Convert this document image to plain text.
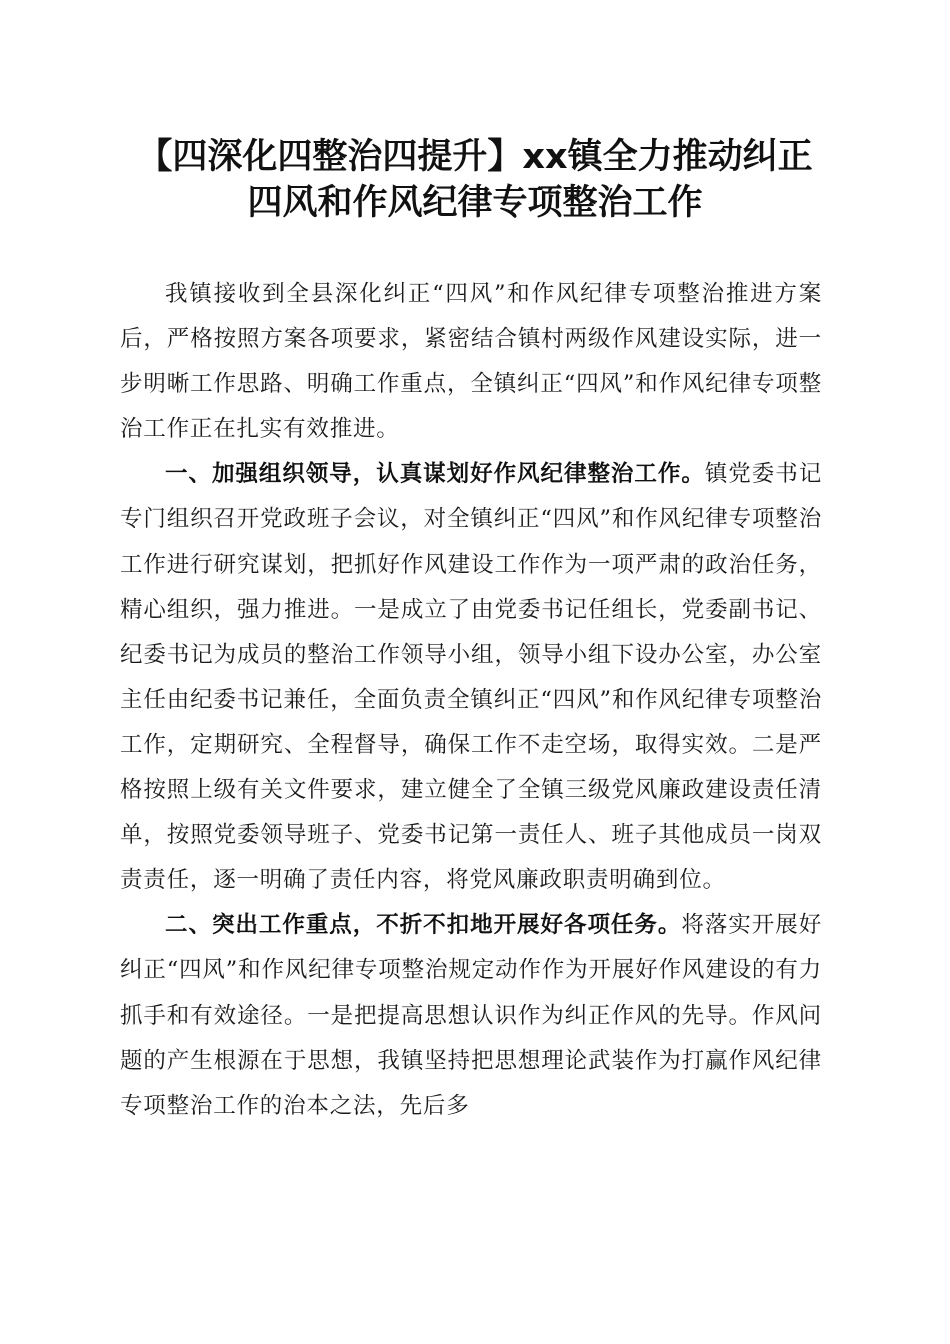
【四深化四整治四提升】xx镇全力推动纠正
四风和作风纪律专项整治工作

我镇接收到全县深化纠正“四风”和作风纪律专项整治推进方案后，严格按照方案各项要求，紧密结合镇村两级作风建设实际，进一步明晰工作思路、明确工作重点，全镇纠正“四风”和作风纪律专项整治工作正在扎实有效推进。

一、加强组织领导，认真谋划好作风纪律整治工作。镇党委书记专门组织召开党政班子会议，对全镇纠正“四风”和作风纪律专项整治工作进行研究谋划，把抓好作风建设工作作为一项严肃的政治任务，精心组织，强力推进。一是成立了由党委书记任组长，党委副书记、纪委书记为成员的整治工作领导小组，领导小组下设办公室，办公室主任由纪委书记兼任，全面负责全镇纠正“四风”和作风纪律专项整治工作，定期研究、全程督导，确保工作不走空场，取得实效。二是严格按照上级有关文件要求，建立健全了全镇三级党风廉政建设责任清单，按照党委领导班子、党委书记第一责任人、班子其他成员一岗双责责任，逐一明确了责任内容，将党风廉政职责明确到位。

二、突出工作重点，不折不扣地开展好各项任务。将落实开展好纠正“四风”和作风纪律专项整治规定动作作为开展好作风建设的有力抓手和有效途径。一是把提高思想认识作为纠正作风的先导。作风问题的产生根源在于思想，我镇坚持把思想理论武装作为打赢作风纪律专项整治工作的治本之法，先后多
